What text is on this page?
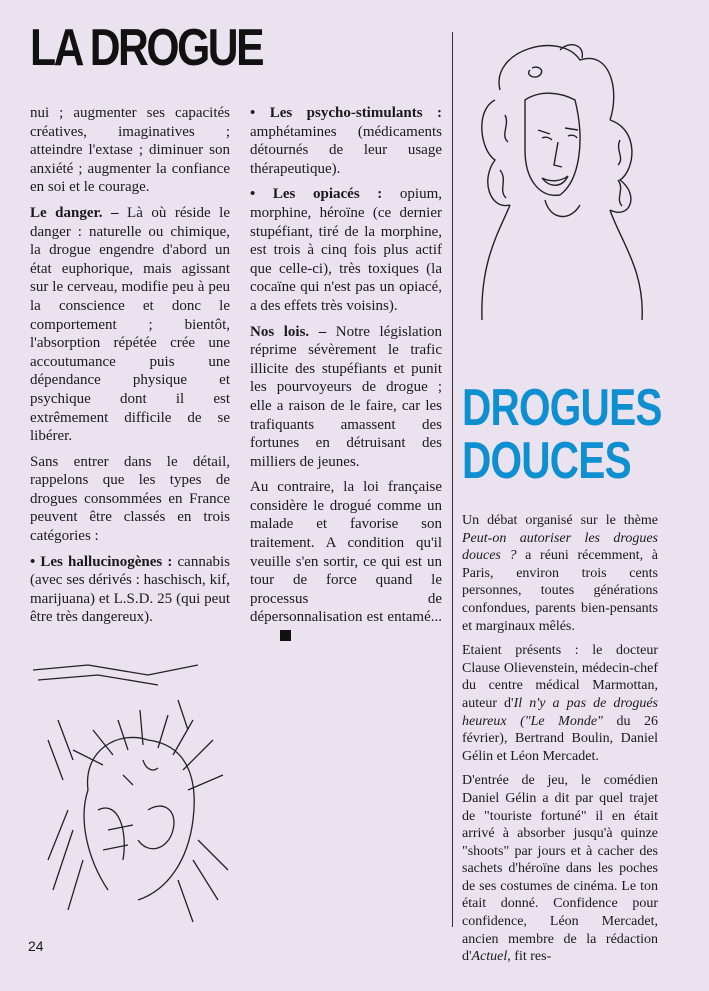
LA DROGUE

nui ; augmenter ses capacités créatives, imaginatives ; atteindre l'extase ; diminuer son anxiété ; augmenter la confiance en soi et le courage.

Le danger. – Là où réside le danger : naturelle ou chimique, la drogue engendre d'abord un état euphorique, mais agissant sur le cerveau, modifie peu à peu la conscience et donc le comportement ; bientôt, l'absorption répétée crée une accoutumance puis une dépendance physique et psychique dont il est extrêmement difficile de se libérer.

Sans entrer dans le détail, rappelons que les types de drogues consommées en France peuvent être classés en trois catégories :

• Les hallucinogènes : cannabis (avec ses dérivés : haschisch, kif, marijuana) et L.S.D. 25 (qui peut être très dangereux).

• Les psycho-stimulants : amphétamines (médicaments détournés de leur usage thérapeutique).

• Les opiacés : opium, morphine, héroïne (ce dernier stupéfiant, tiré de la morphine, est trois à cinq fois plus actif que celle-ci), très toxiques (la cocaïne qui n'est pas un opiacé, a des effets très voisins).

Nos lois. – Notre législation réprime sévèrement le trafic illicite des stupéfiants et punit les pourvoyeurs de drogue ; elle a raison de le faire, car les trafiquants amassent des fortunes en détruisant des milliers de jeunes.

Au contraire, la loi française considère le drogué comme un malade et favorise son traitement. A condition qu'il veuille s'en sortir, ce qui est un tour de force quand le processus de dépersonnalisation est entamé...

DROGUES
DOUCES

Un débat organisé sur le thème Peut-on autoriser les drogues douces ? a réuni récemment, à Paris, environ trois cents personnes, toutes générations confondues, parents bien-pensants et marginaux mêlés.

Etaient présents : le docteur Clause Olievenstein, médecin-chef du centre médical Marmottan, auteur d'Il n'y a pas de drogués heureux ("Le Monde" du 26 février), Bertrand Boulin, Daniel Gélin et Léon Mercadet.

D'entrée de jeu, le comédien Daniel Gélin a dit par quel trajet de "touriste fortuné" il en était arrivé à absorber jusqu'à quinze "shoots" par jours et à cacher des sachets d'héroïne dans les poches de ses costumes de cinéma. Le ton était donné. Confidence pour confidence, Léon Mercadet, ancien membre de la rédaction d'Actuel, fit res-

24
